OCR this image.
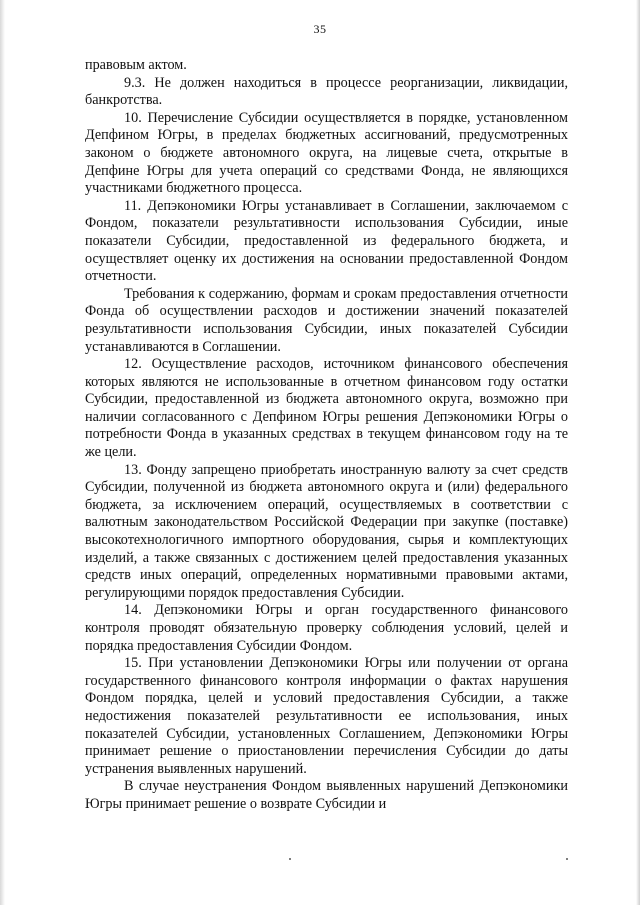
35

правовым актом.

9.3. Не должен находиться в процессе реорганизации, ликвидации, банкротства.

10. Перечисление Субсидии осуществляется в порядке, установленном Депфином Югры, в пределах бюджетных ассигнований, предусмотренных законом о бюджете автономного округа, на лицевые счета, открытые в Депфине Югры для учета операций со средствами Фонда, не являющихся участниками бюджетного процесса.

11. Депэкономики Югры устанавливает в Соглашении, заключаемом с Фондом, показатели результативности использования Субсидии, иные показатели Субсидии, предоставленной из федерального бюджета, и осуществляет оценку их достижения на основании предоставленной Фондом отчетности.

Требования к содержанию, формам и срокам предоставления отчетности Фонда об осуществлении расходов и достижении значений показателей результативности использования Субсидии, иных показателей Субсидии устанавливаются в Соглашении.

12. Осуществление расходов, источником финансового обеспечения которых являются не использованные в отчетном финансовом году остатки Субсидии, предоставленной из бюджета автономного округа, возможно при наличии согласованного с Депфином Югры решения Депэкономики Югры о потребности Фонда в указанных средствах в текущем финансовом году на те же цели.

13. Фонду запрещено приобретать иностранную валюту за счет средств Субсидии, полученной из бюджета автономного округа и (или) федерального бюджета, за исключением операций, осуществляемых в соответствии с валютным законодательством Российской Федерации при закупке (поставке) высокотехнологичного импортного оборудования, сырья и комплектующих изделий, а также связанных с достижением целей предоставления указанных средств иных операций, определенных нормативными правовыми актами, регулирующими порядок предоставления Субсидии.

14. Депэкономики Югры и орган государственного финансового контроля проводят обязательную проверку соблюдения условий, целей и порядка предоставления Субсидии Фондом.

15. При установлении Депэкономики Югры или получении от органа государственного финансового контроля информации о фактах нарушения Фондом порядка, целей и условий предоставления Субсидии, а также недостижения показателей результативности ее использования, иных показателей Субсидии, установленных Соглашением, Депэкономики Югры принимает решение о приостановлении перечисления Субсидии до даты устранения выявленных нарушений.

В случае неустранения Фондом выявленных нарушений Депэкономики Югры принимает решение о возврате Субсидии и
